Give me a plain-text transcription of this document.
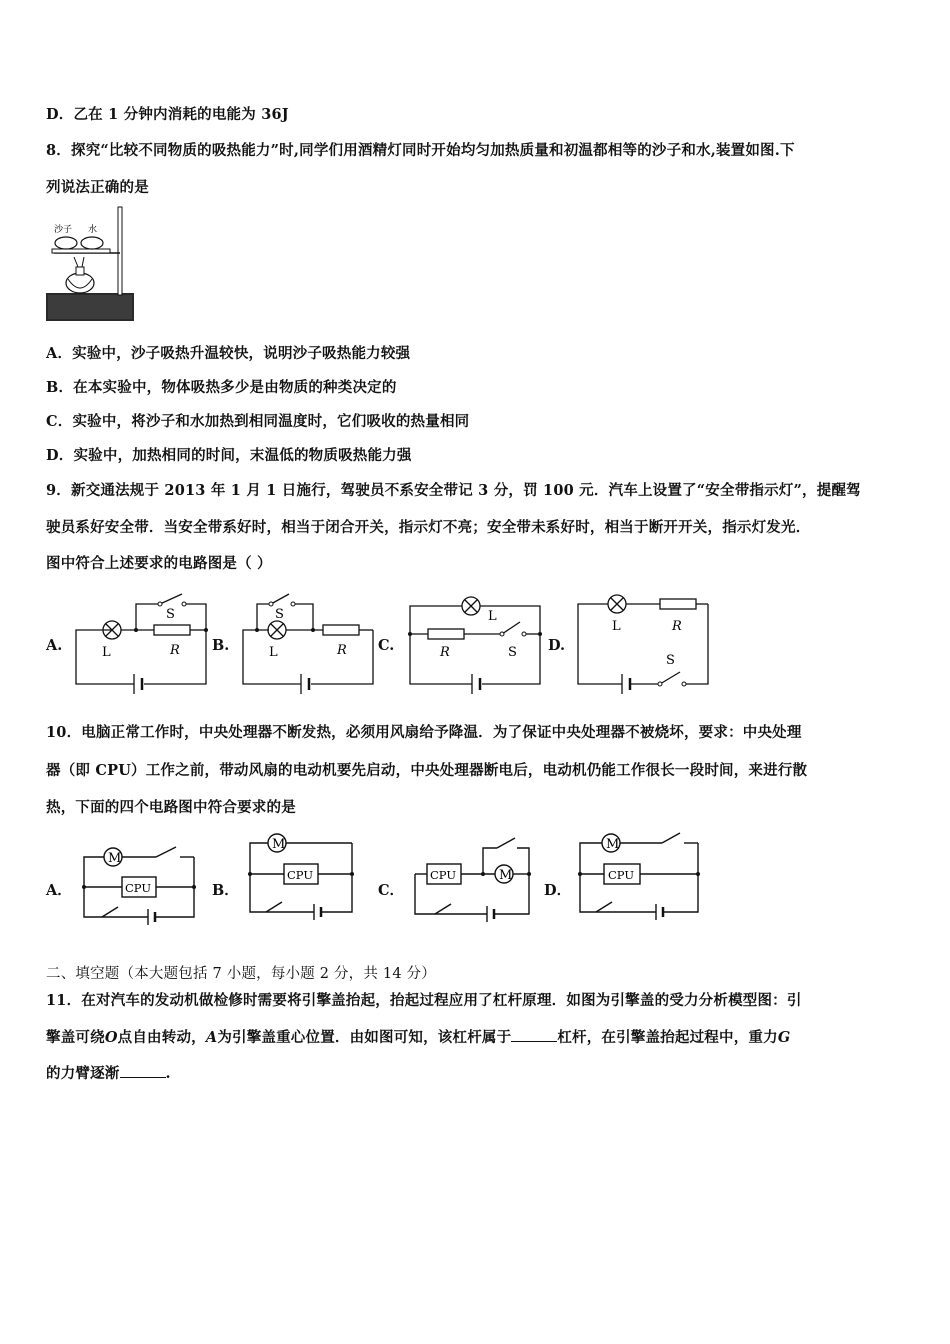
D．乙在 1 分钟内消耗的电能为 36J
8．探究“比较不同物质的吸热能力”时,同学们用酒精灯同时开始均匀加热质量和初温都相等的沙子和水,装置如图.下
列说法正确的是
沙子 水
A．实验中，沙子吸热升温较快，说明沙子吸热能力较强
B．在本实验中，物体吸热多少是由物质的种类决定的
C．实验中，将沙子和水加热到相同温度时，它们吸收的热量相同
D．实验中，加热相同的时间，末温低的物质吸热能力强
9．新交通法规于 2013 年 1 月 1 日施行，驾驶员不系安全带记 3 分，罚 100 元．汽车上设置了“安全带指示灯”，提醒驾
驶员系好安全带．当安全带系好时，相当于闭合开关，指示灯不亮；安全带未系好时，相当于断开开关，指示灯发光．
图中符合上述要求的电路图是（ ）
A.	B.	C.	D.
S
L	R
S
L	R
L
R	S
L	R
S
10．电脑正常工作时，中央处理器不断发热，必须用风扇给予降温．为了保证中央处理器不被烧坏，要求：中央处理
器（即 CPU）工作之前，带动风扇的电动机要先启动，中央处理器断电后，电动机仍能工作很长一段时间，来进行散
热，下面的四个电路图中符合要求的是
A．	B．	C．	D．
M
CPU
M
CPU	M
CPU
M
CPU
二、填空题（本大题包括 7 小题，每小题 2 分，共 14 分）
11．在对汽车的发动机做检修时需要将引擎盖抬起，抬起过程应用了杠杆原理．如图为引擎盖的受力分析模型图：引
擎盖可绕O点自由转动，A为引擎盖重心位置．由如图可知，该杠杆属于	杠杆，在引擎盖抬起过程中，重力G
的力臂逐渐	.
